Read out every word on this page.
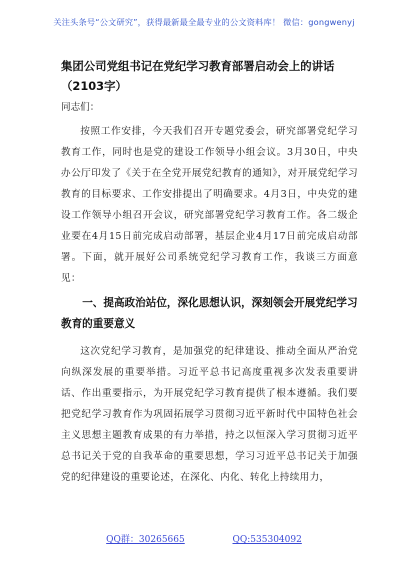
关注头条号“公文研究”，获得最新最全最专业的公文资料库！ 微信：gongwenyj
集团公司党组书记在党纪学习教育部署启动会上的讲话
（2103字）
同志们：

按照工作安排，今天我们召开专题党委会，研究部署党纪学习教育工作，同时也是党的建设工作领导小组会议。3月30日，中央办公厅印发了《关于在全党开展党纪教育的通知》，对开展党纪学习教育的目标要求、工作安排提出了明确要求。4月3日，中央党的建设工作领导小组召开会议，研究部署党纪学习教育工作。各二级企业要在4月15日前完成启动部署，基层企业4月17日前完成启动部署。下面，就开展好公司系统党纪学习教育工作，我谈三方面意见：

一、提高政治站位，深化思想认识，深刻领会开展党纪学习教育的重要意义

这次党纪学习教育，是加强党的纪律建设、推动全面从严治党向纵深发展的重要举措。习近平总书记高度重视多次发表重要讲话、作出重要指示，为开展党纪学习教育提供了根本遵循。我们要把党纪学习教育作为巩固拓展学习贯彻习近平新时代中国特色社会主义思想主题教育成果的有力举措，持之以恒深入学习贯彻习近平总书记关于党的自我革命的重要思想，学习习近平总书记关于加强党的纪律建设的重要论述，在深化、内化、转化上持续用力，

QQ群：30265665	QQ:535304092
